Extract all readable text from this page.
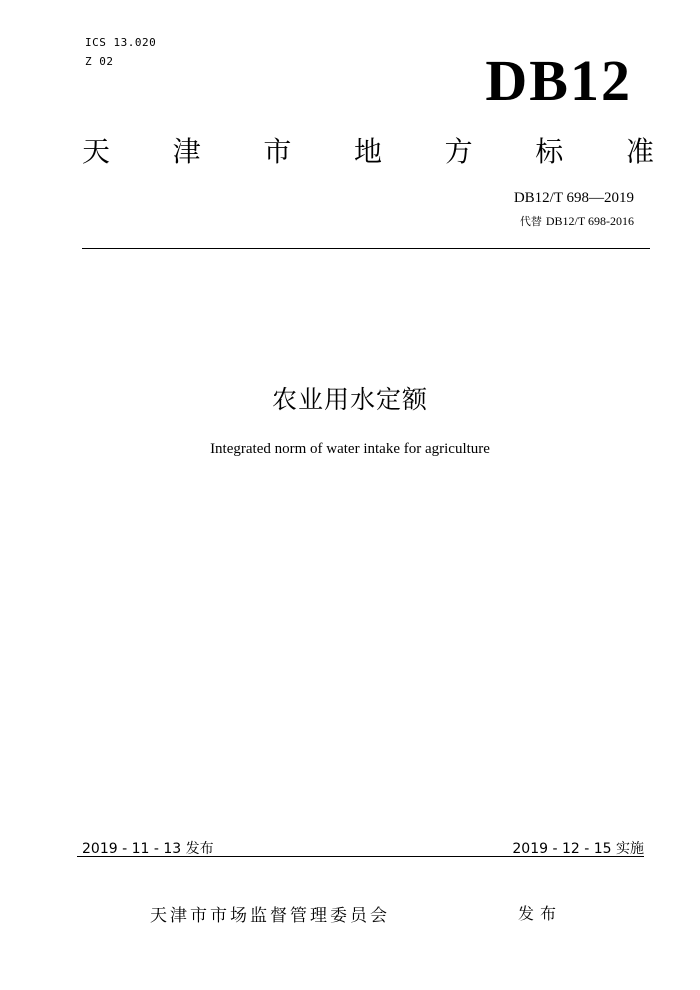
ICS 13.020
Z 02	DB12
天 津 市 地 方 标 准
DB12/T 698—2019
代替 DB12/T 698-2016
农业用水定额
Integrated norm of water intake for agriculture
2019 - 11 - 13 发布	2019 - 12 - 15 实施
天津市市场监督管理委员会	发布
